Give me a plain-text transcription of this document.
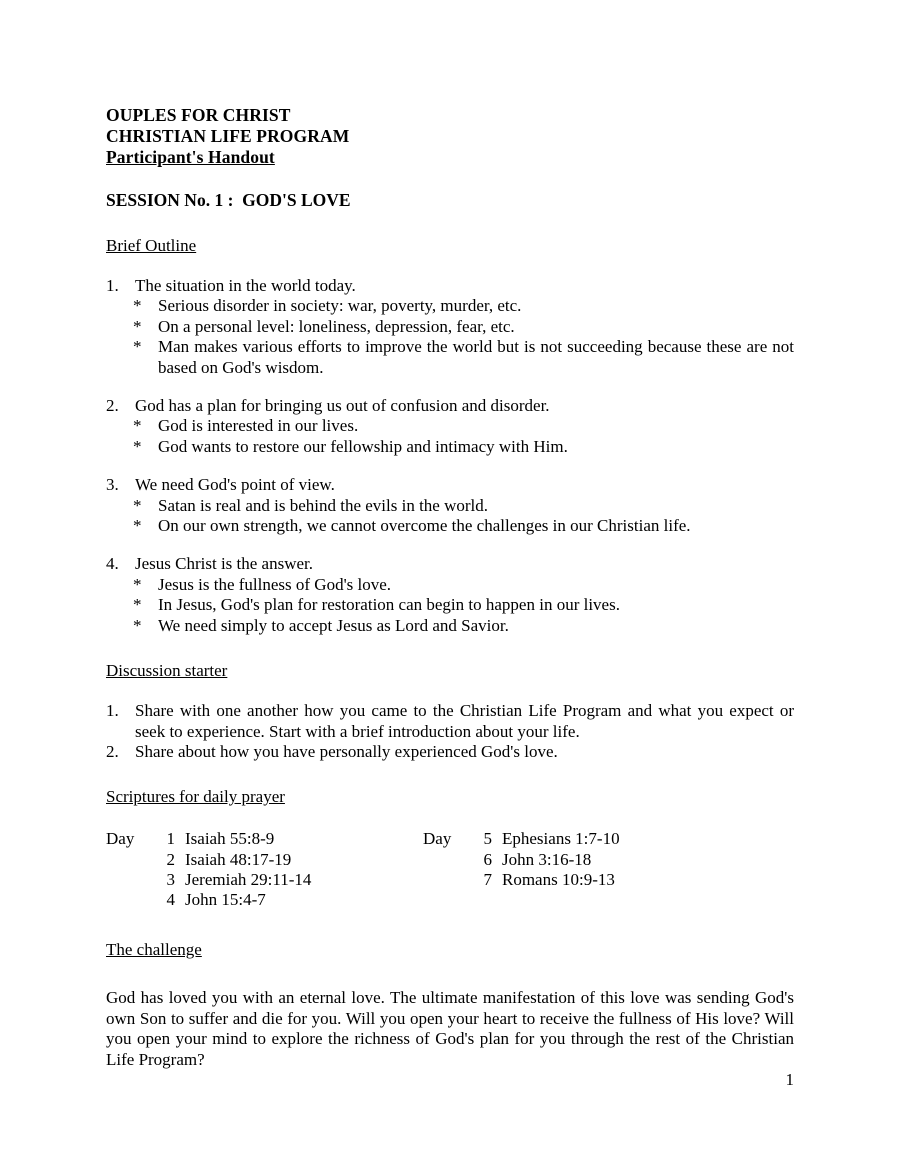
OUPLES FOR CHRIST
CHRISTIAN LIFE PROGRAM
Participant's Handout
SESSION No. 1 :  GOD'S LOVE
Brief Outline
1. The situation in the world today.
* Serious disorder in society: war, poverty, murder, etc.
* On a personal level: loneliness, depression, fear, etc.
* Man makes various efforts to improve the world but is not succeeding because these are not based on God's wisdom.
2. God has a plan for bringing us out of confusion and disorder.
* God is interested in our lives.
* God wants to restore our fellowship and intimacy with Him.
3. We need God's point of view.
* Satan is real and is behind the evils in the world.
* On our own strength, we cannot overcome the challenges in our Christian life.
4. Jesus Christ is the answer.
* Jesus is the fullness of God's love.
* In Jesus, God's plan for restoration can begin to happen in our lives.
* We need simply to accept Jesus as Lord and Savior.
Discussion starter
1. Share with one another how you came to the Christian Life Program and what you expect or seek to experience. Start with a brief introduction about your life.
2. Share about how you have personally experienced God's love.
Scriptures for daily prayer
Day	1 Isaiah 55:8-9
2 Isaiah 48:17-19
3 Jeremiah 29:11-14
4 John 15:4-7
Day	5 Ephesians 1:7-10
6 John 3:16-18
7 Romans 10:9-13
The challenge

God has loved you with an eternal love. The ultimate manifestation of this love was sending God's own Son to suffer and die for you. Will you open your heart to receive the fullness of His love? Will you open your mind to explore the richness of God's plan for you through the rest of the Christian Life Program?

1
